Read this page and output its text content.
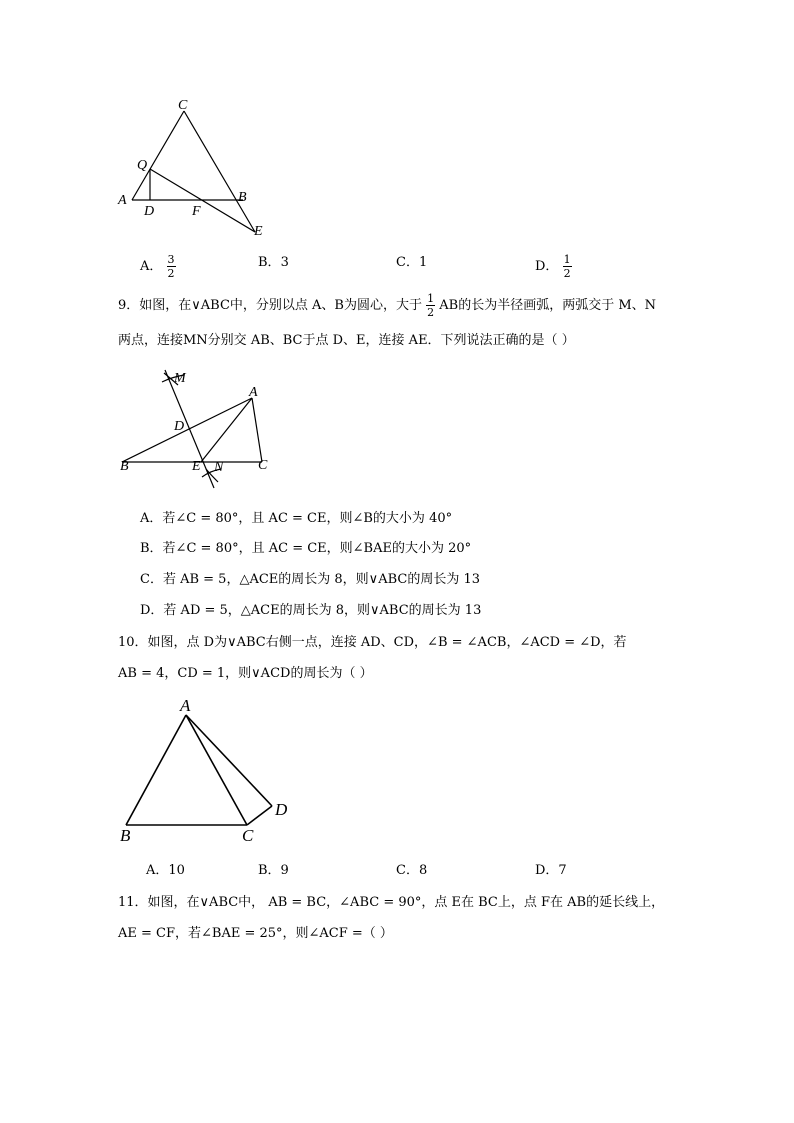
C
Q
A
D	F
B
E
A． $\frac{3}{2}$	B．3	C．1	D． $\frac{1}{2}$
9．如图，在∨ABC中，分别以点 A、B为圆心，大于 $\frac{1}{2}$ AB的长为半径画弧，两弧交于 M、N
两点，连接MN分别交 AB、BC于点 D、E，连接 AE．下列说法正确的是（ ）
M
A
D
B	E N C
A．若∠C = 80°，且 AC = CE，则∠B的大小为 40°
B．若∠C = 80°，且 AC = CE，则∠BAE的大小为 20°
C．若 AB = 5，△ACE的周长为 8，则∨ABC的周长为 13
D．若 AD = 5，△ACE的周长为 8，则∨ABC的周长为 13
10．如图，点 D为∨ABC右侧一点，连接 AD、CD，∠B = ∠ACB，∠ACD = ∠D，若
AB = 4，CD = 1，则∨ACD的周长为（ ）
A
B	C
D
A．10	B．9	C．8	D．7
11．如图，在∨ABC中， AB = BC，∠ABC = 90°，点 E在 BC上，点 F在 AB的延长线上，
AE = CF，若∠BAE = 25°，则∠ACF =（ ）
